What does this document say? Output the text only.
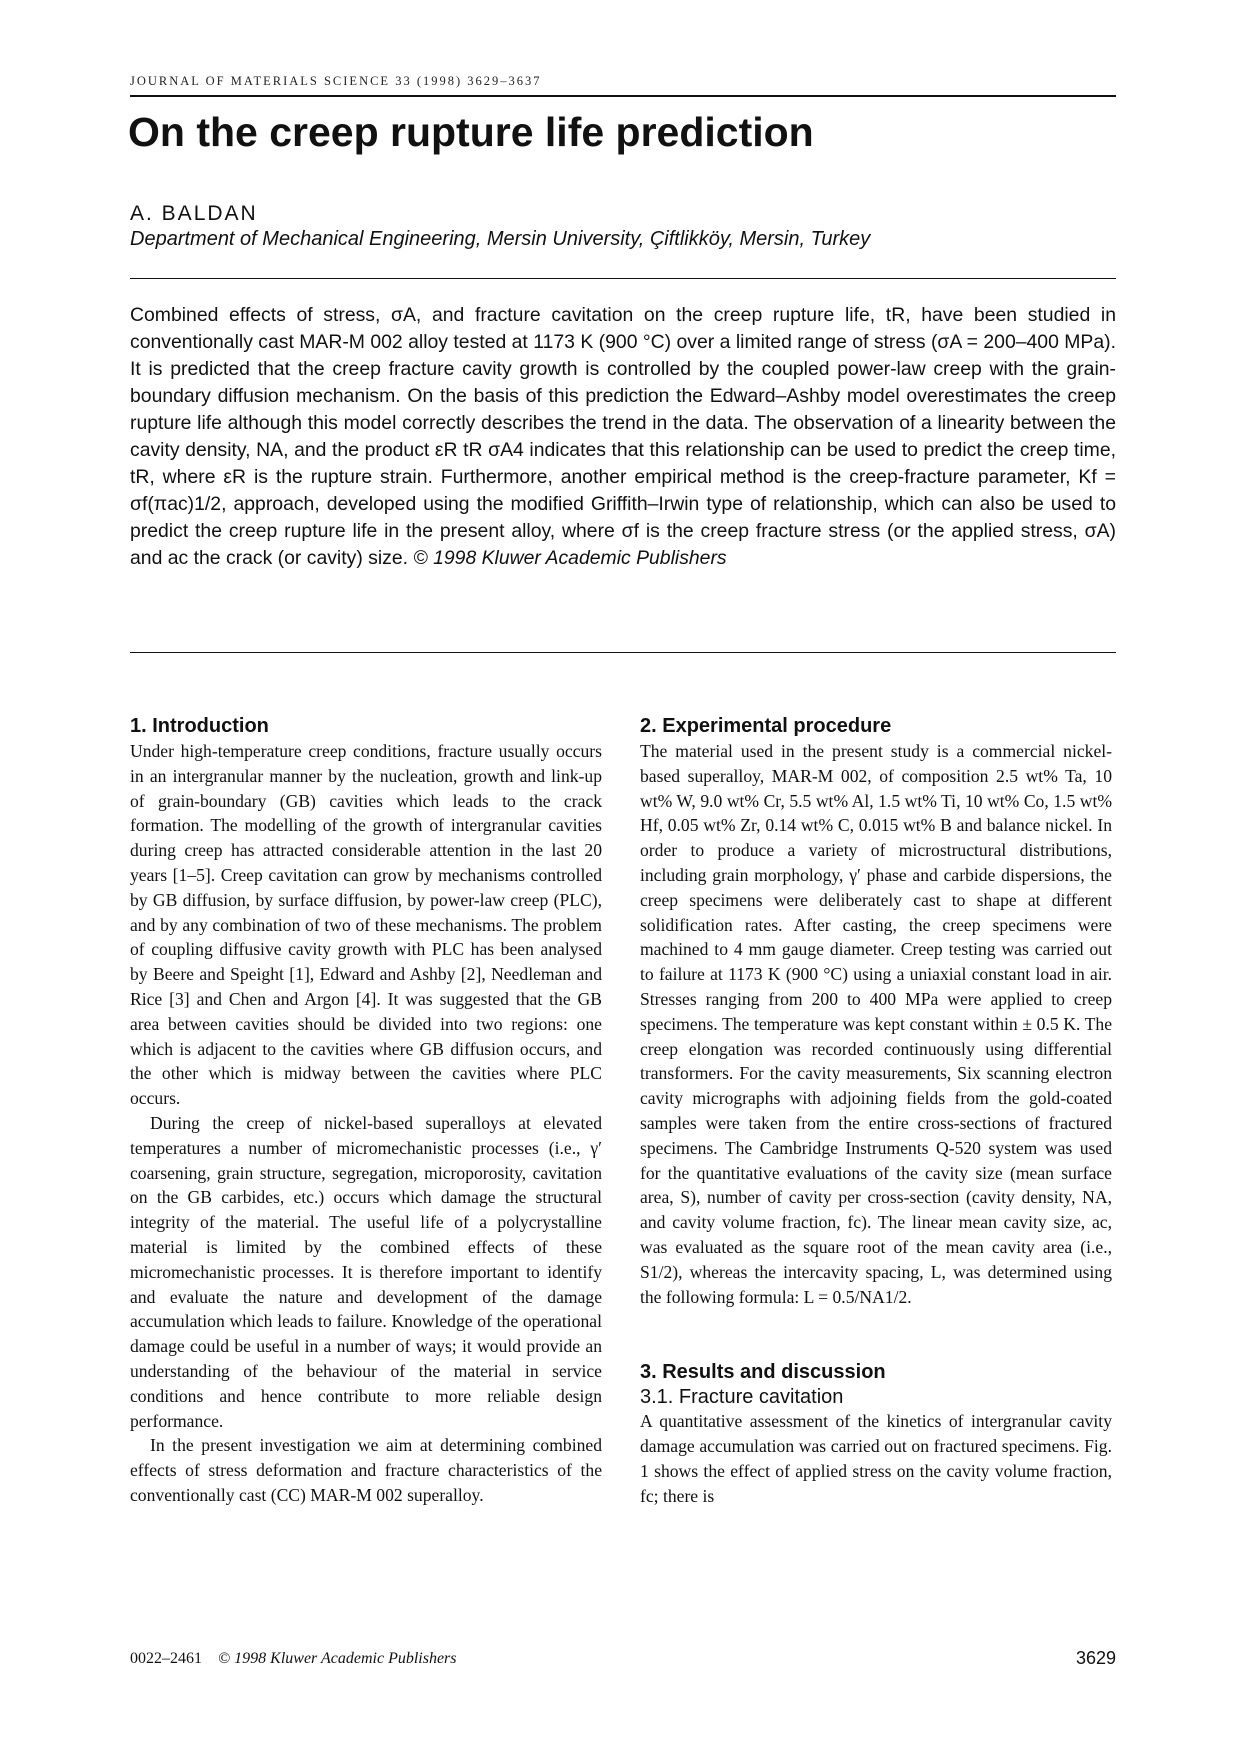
JOURNAL OF MATERIALS SCIENCE 33 (1998) 3629–3637
On the creep rupture life prediction
A. BALDAN
Department of Mechanical Engineering, Mersin University, Çiftlikköy, Mersin, Turkey

Combined effects of stress, σA, and fracture cavitation on the creep rupture life, tR, have been studied in conventionally cast MAR-M 002 alloy tested at 1173 K (900 °C) over a limited range of stress (σA = 200–400 MPa). It is predicted that the creep fracture cavity growth is controlled by the coupled power-law creep with the grain-boundary diffusion mechanism. On the basis of this prediction the Edward–Ashby model overestimates the creep rupture life although this model correctly describes the trend in the data. The observation of a linearity between the cavity density, NA, and the product εR tR σA4 indicates that this relationship can be used to predict the creep time, tR, where εR is the rupture strain. Furthermore, another empirical method is the creep-fracture parameter, Kf = σf(πac)1/2, approach, developed using the modified Griffith–Irwin type of relationship, which can also be used to predict the creep rupture life in the present alloy, where σf is the creep fracture stress (or the applied stress, σA) and ac the crack (or cavity) size. © 1998 Kluwer Academic Publishers

1. Introduction

Under high-temperature creep conditions, fracture usually occurs in an intergranular manner by the nucleation, growth and link-up of grain-boundary (GB) cavities which leads to the crack formation. The modelling of the growth of intergranular cavities during creep has attracted considerable attention in the last 20 years [1–5]. Creep cavitation can grow by mechanisms controlled by GB diffusion, by surface diffusion, by power-law creep (PLC), and by any combination of two of these mechanisms. The problem of coupling diffusive cavity growth with PLC has been analysed by Beere and Speight [1], Edward and Ashby [2], Needleman and Rice [3] and Chen and Argon [4]. It was suggested that the GB area between cavities should be divided into two regions: one which is adjacent to the cavities where GB diffusion occurs, and the other which is midway between the cavities where PLC occurs.

During the creep of nickel-based superalloys at elevated temperatures a number of micromechanistic processes (i.e., γ′ coarsening, grain structure, segregation, microporosity, cavitation on the GB carbides, etc.) occurs which damage the structural integrity of the material. The useful life of a polycrystalline material is limited by the combined effects of these micromechanistic processes. It is therefore important to identify and evaluate the nature and development of the damage accumulation which leads to failure. Knowledge of the operational damage could be useful in a number of ways; it would provide an understanding of the behaviour of the material in service conditions and hence contribute to more reliable design performance.

In the present investigation we aim at determining combined effects of stress deformation and fracture characteristics of the conventionally cast (CC) MAR-M 002 superalloy.

2. Experimental procedure

The material used in the present study is a commercial nickel-based superalloy, MAR-M 002, of composition 2.5 wt% Ta, 10 wt% W, 9.0 wt% Cr, 5.5 wt% Al, 1.5 wt% Ti, 10 wt% Co, 1.5 wt% Hf, 0.05 wt% Zr, 0.14 wt% C, 0.015 wt% B and balance nickel. In order to produce a variety of microstructural distributions, including grain morphology, γ′ phase and carbide dispersions, the creep specimens were deliberately cast to shape at different solidification rates. After casting, the creep specimens were machined to 4 mm gauge diameter. Creep testing was carried out to failure at 1173 K (900 °C) using a uniaxial constant load in air. Stresses ranging from 200 to 400 MPa were applied to creep specimens. The temperature was kept constant within ± 0.5 K. The creep elongation was recorded continuously using differential transformers. For the cavity measurements, Six scanning electron cavity micrographs with adjoining fields from the gold-coated samples were taken from the entire cross-sections of fractured specimens. The Cambridge Instruments Q-520 system was used for the quantitative evaluations of the cavity size (mean surface area, S), number of cavity per cross-section (cavity density, NA, and cavity volume fraction, fc). The linear mean cavity size, ac, was evaluated as the square root of the mean cavity area (i.e., S1/2), whereas the intercavity spacing, L, was determined using the following formula: L = 0.5/NA1/2.

3. Results and discussion
3.1. Fracture cavitation

A quantitative assessment of the kinetics of intergranular cavity damage accumulation was carried out on fractured specimens. Fig. 1 shows the effect of applied stress on the cavity volume fraction, fc; there is

0022–2461 © 1998 Kluwer Academic Publishers	3629
